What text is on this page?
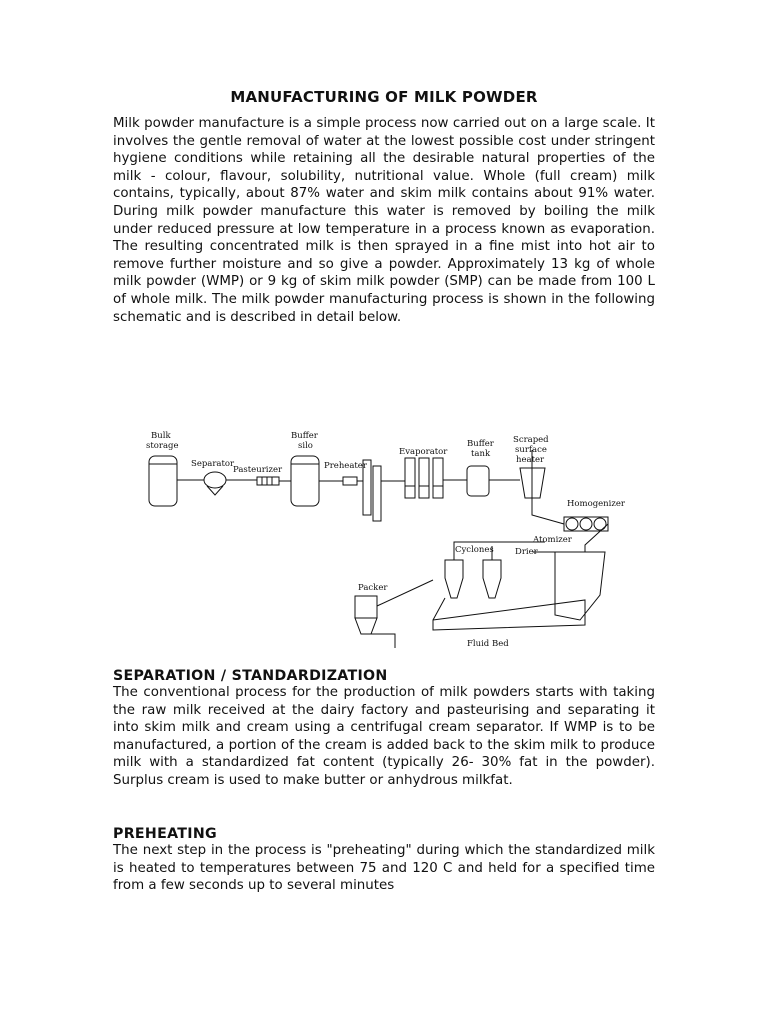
MANUFACTURING OF MILK POWDER

Milk powder manufacture is a simple process now carried out on a large scale. It involves the gentle removal of water at the lowest possible cost under stringent hygiene conditions while retaining all the desirable natural properties of the milk - colour, flavour, solubility, nutritional value. Whole (full cream) milk contains, typically, about 87% water and skim milk contains about 91% water. During milk powder manufacture this water is removed by boiling the milk under reduced pressure at low temperature in a process known as evaporation. The resulting concentrated milk is then sprayed in a fine mist into hot air to remove further moisture and so give a powder. Approximately 13 kg of whole milk powder (WMP) or 9 kg of skim milk powder (SMP) can be made from 100 L of whole milk. The milk powder manufacturing process is shown in the following schematic and is described in detail below.

Bulk
storage
Separator
Pasteurizer
Buffer
silo
Preheater
Evaporator
Buffer
tank
Scraped
surface
heater
Homogenizer
Atomizer
Drier
Cyclones
Packer
Fluid Bed
SEPARATION / STANDARDIZATION

The conventional process for the production of milk powders starts with taking the raw milk received at the dairy factory and pasteurising and separating it into skim milk and cream using a centrifugal cream separator. If WMP is to be manufactured, a portion of the cream is added back to the skim milk to produce milk with a standardized fat content (typically 26- 30% fat in the powder). Surplus cream is used to make butter or anhydrous milkfat.

PREHEATING

The next step in the process is "preheating" during which the standardized milk is heated to temperatures between 75 and 120 C and held for a specified time from a few seconds up to several minutes
